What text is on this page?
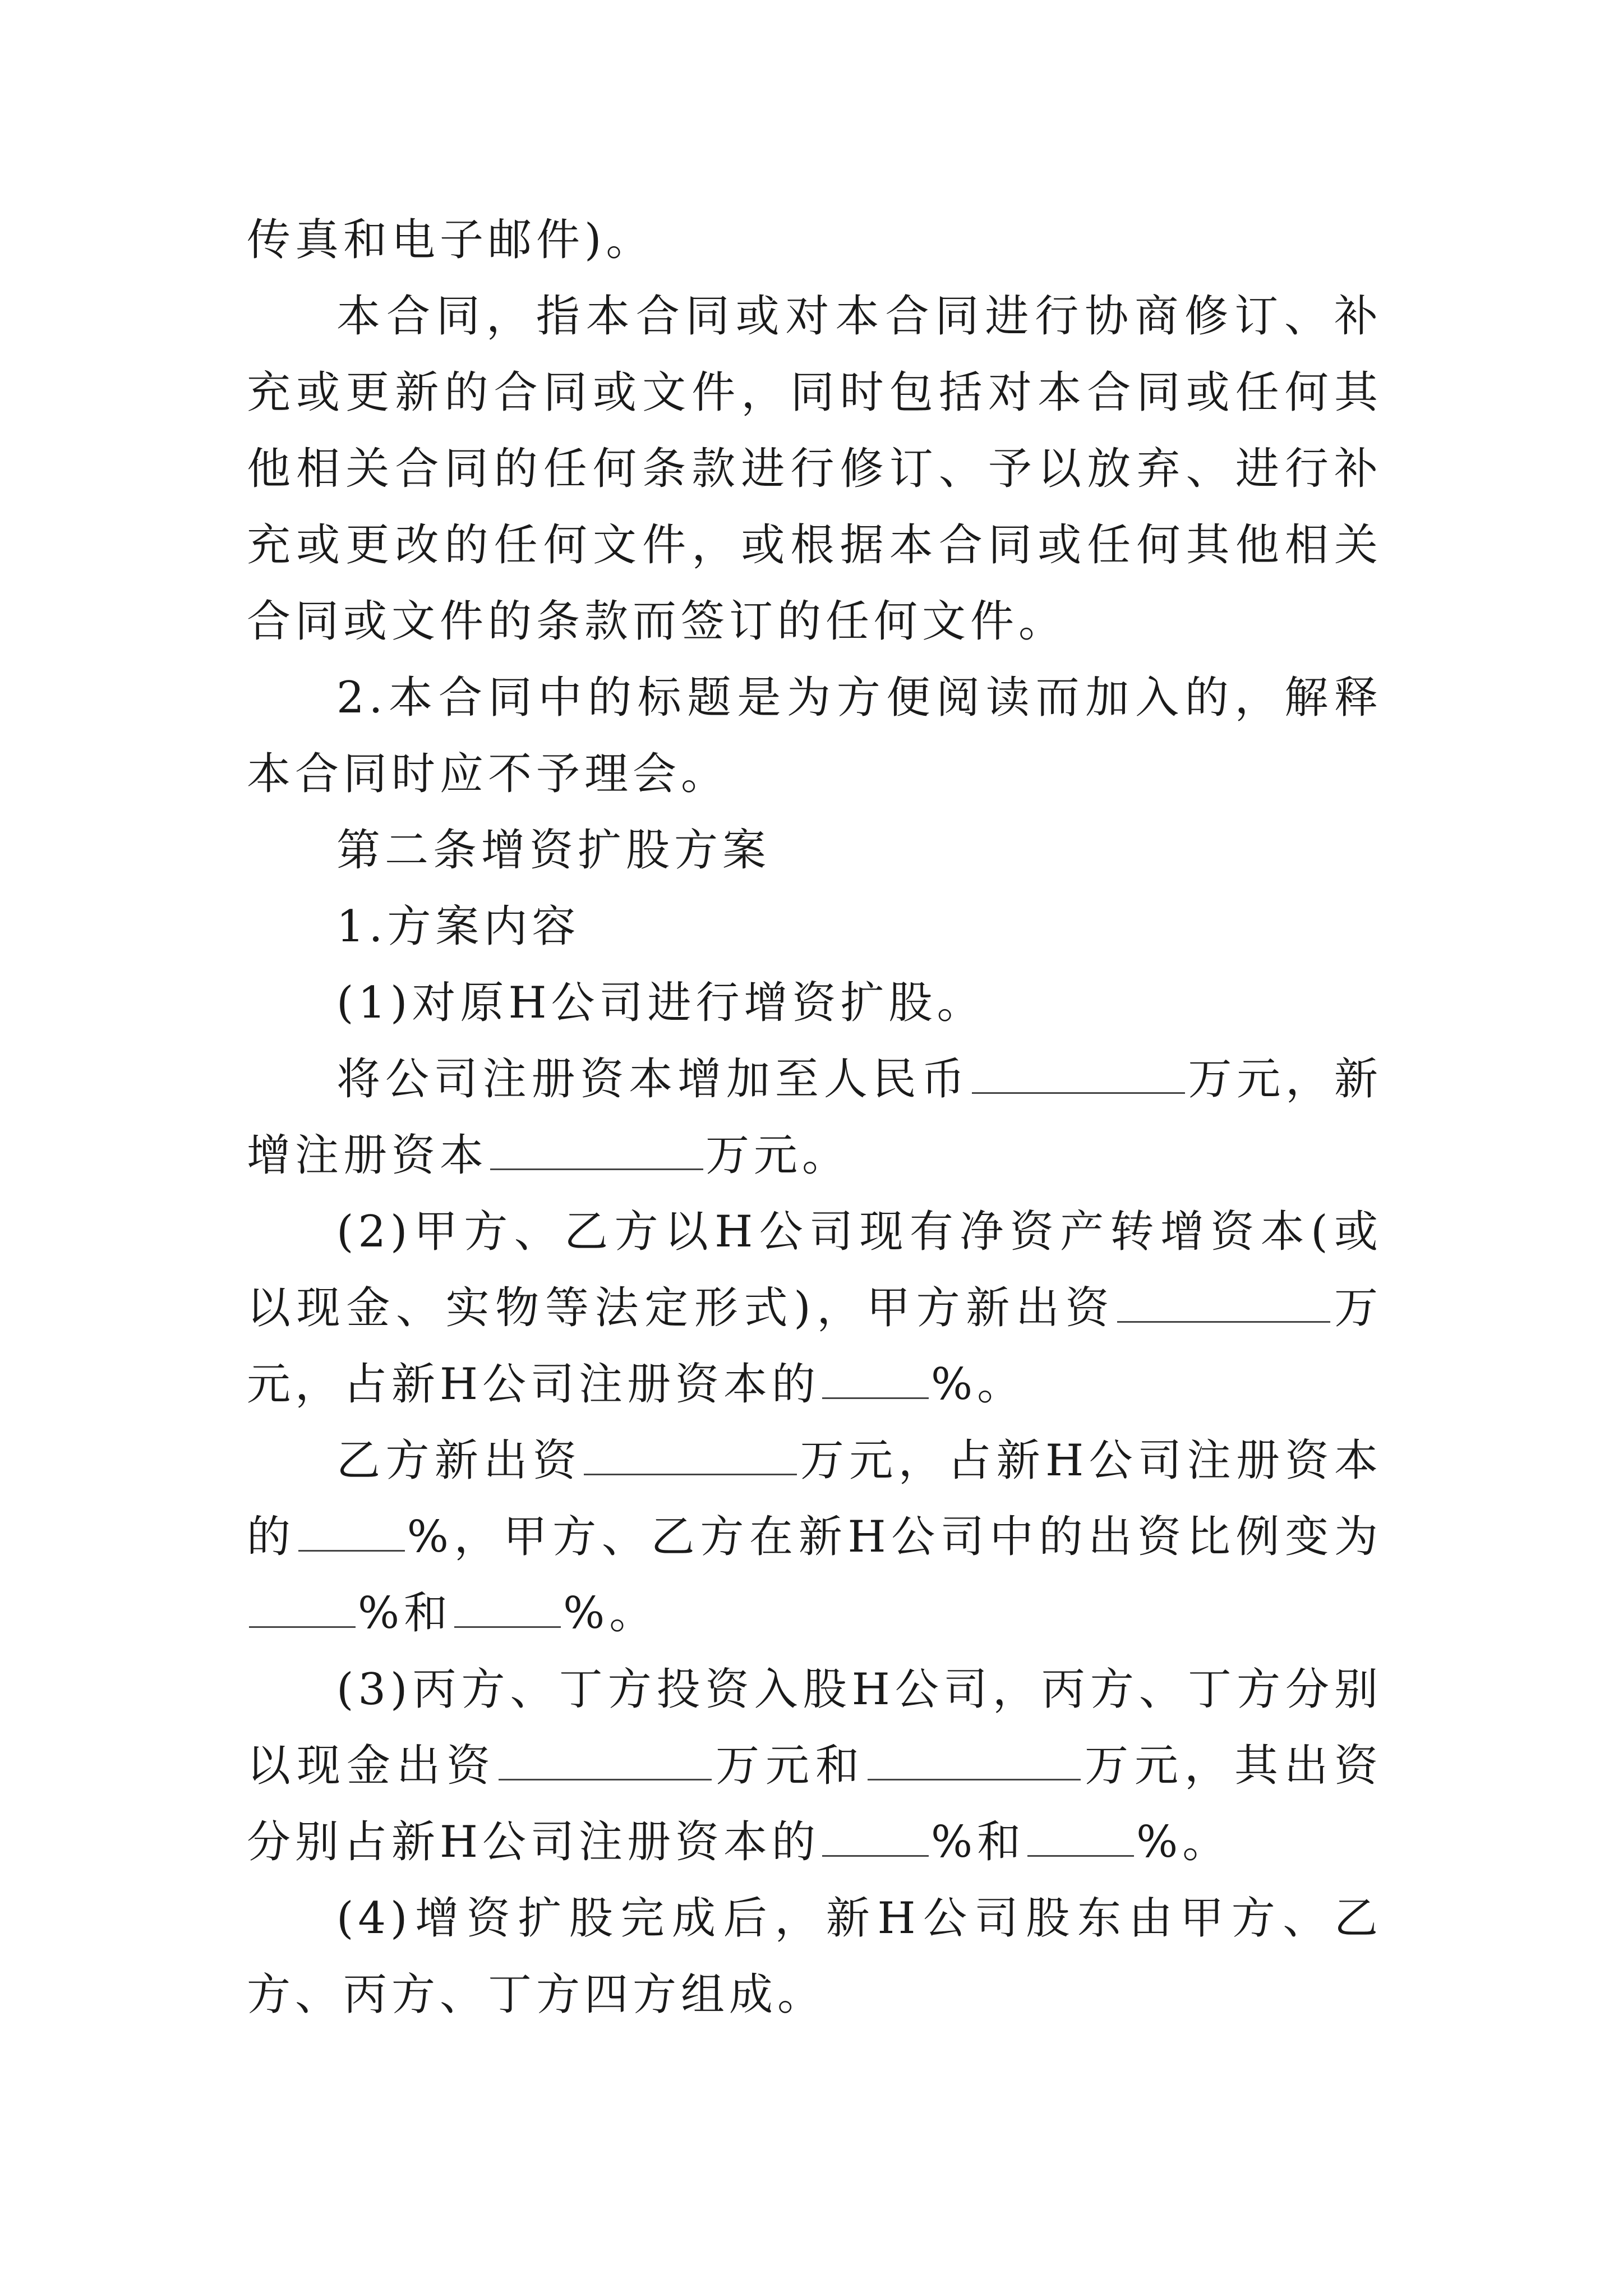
传真和电子邮件)。

本合同，指本合同或对本合同进行协商修订、补充或更新的合同或文件，同时包括对本合同或任何其他相关合同的任何条款进行修订、予以放弃、进行补充或更改的任何文件，或根据本合同或任何其他相关合同或文件的条款而签订的任何文件。

2.本合同中的标题是为方便阅读而加入的，解释本合同时应不予理会。

第二条增资扩股方案

1.方案内容

(1)对原H公司进行增资扩股。

将公司注册资本增加至人民币	万元，新增注册资本	万元。

(2)甲方、乙方以H公司现有净资产转增资本(或以现金、实物等法定形式)，甲方新出资	万元，占新H公司注册资本的	%。

乙方新出资	万元，占新H公司注册资本的	%，甲方、乙方在新H公司中的出资比例变为%和	%。

(3)丙方、丁方投资入股H公司，丙方、丁方分别以现金出资	万元和	万元，其出资分别占新H公司注册资本的	%和	%。

(4)增资扩股完成后，新H公司股东由甲方、乙方、丙方、丁方四方组成。
